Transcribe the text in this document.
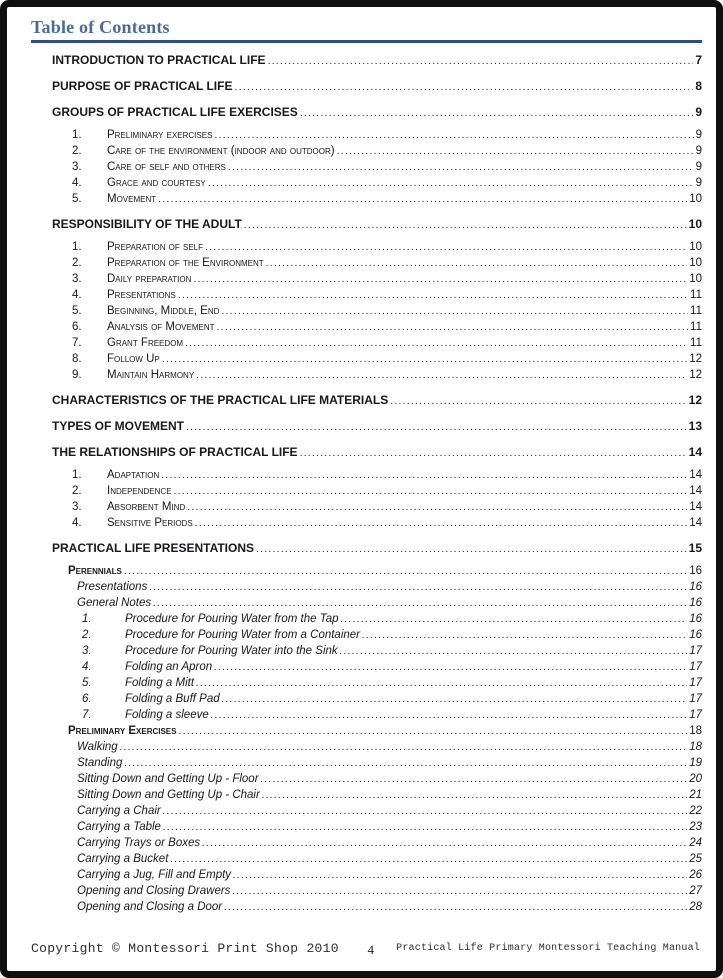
Table of Contents
INTRODUCTION TO PRACTICAL LIFE .....	7
PURPOSE OF PRACTICAL LIFE .....	8
GROUPS OF PRACTICAL LIFE EXERCISES .....	9
1.	Preliminary exercises .....	9
2.	Care of the environment (indoor and outdoor) .....	9
3.	Care of self and others .....	9
4.	Grace and courtesy .....	9
5.	Movement .....	10
RESPONSIBILITY OF THE ADULT .....	10
1.	Preparation of self .....	10
2.	Preparation of the Environment .....	10
3.	Daily preparation .....	10
4.	Presentations .....	11
5.	Beginning, Middle, End .....	11
6.	Analysis of Movement .....	11
7.	Grant Freedom .....	11
8.	Follow Up .....	12
9.	Maintain Harmony .....	12
CHARACTERISTICS OF THE PRACTICAL LIFE MATERIALS .....	12
TYPES OF MOVEMENT .....	13
THE RELATIONSHIPS OF PRACTICAL LIFE .....	14
1.	Adaptation .....	14
2.	Independence .....	14
3.	Absorbent Mind .....	14
4.	Sensitive Periods .....	14
PRACTICAL LIFE PRESENTATIONS .....	15
Perennials .....	16
Presentations .....	16
General Notes .....	16
1.	Procedure for Pouring Water from the Tap .....	16
2.	Procedure for Pouring Water from a Container .....	16
3.	Procedure for Pouring Water into the Sink .....	17
4.	Folding an Apron .....	17
5.	Folding a Mitt .....	17
6.	Folding a Buff Pad .....	17
7.	Folding a sleeve .....	17
Preliminary Exercises .....	18
Walking .....	18
Standing .....	19
Sitting Down and Getting Up - Floor .....	20
Sitting Down and Getting Up - Chair .....	21
Carrying a Chair .....	22
Carrying a Table .....	23
Carrying Trays or Boxes .....	24
Carrying a Bucket .....	25
Carrying a Jug, Fill and Empty .....	26
Opening and Closing Drawers .....	27
Opening and Closing a Door .....	28
Copyright © Montessori Print Shop 2010 4 Practical Life Primary Montessori Teaching Manual
